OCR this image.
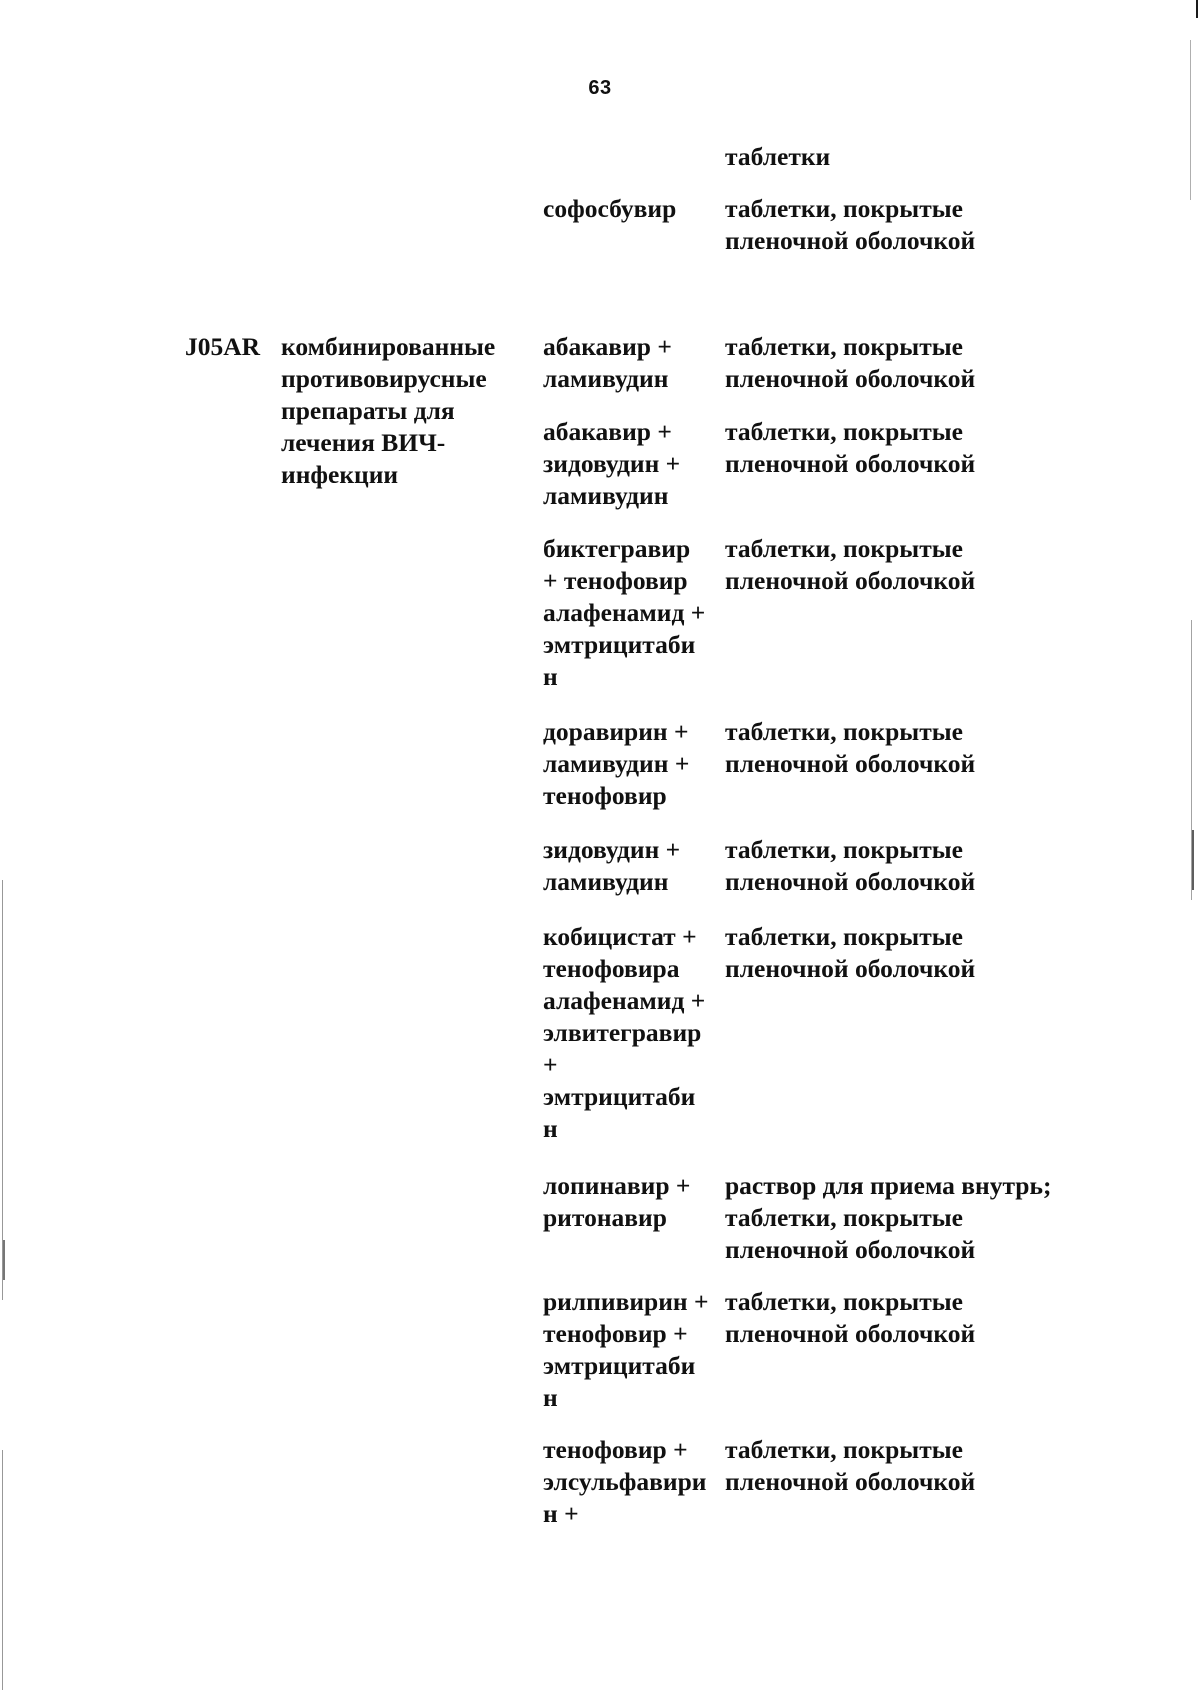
63
таблетки
софосбувир	таблетки, покрытые
пленочной оболочкой
J05AR комбинированные
противовирусные
препараты для
лечения ВИЧ-
инфекции
абакавир +
ламивудин
таблетки, покрытые
пленочной оболочкой
абакавир +
зидовудин +
ламивудин
таблетки, покрытые
пленочной оболочкой
биктегравир
+ тенофовир
алафенамид +
эмтрицитаби
н
таблетки, покрытые
пленочной оболочкой
доравирин +
ламивудин +
тенофовир
таблетки, покрытые
пленочной оболочкой
зидовудин +
ламивудин
таблетки, покрытые
пленочной оболочкой
кобицистат +
тенофовира
алафенамид +
элвитегравир
+
эмтрицитаби
н
таблетки, покрытые
пленочной оболочкой
лопинавир +
ритонавир
раствор для приема внутрь;
таблетки, покрытые
пленочной оболочкой
рилпивирин +
тенофовир +
эмтрицитаби
н
таблетки, покрытые
пленочной оболочкой
тенофовир +
элсульфавири
н +
таблетки, покрытые
пленочной оболочкой
